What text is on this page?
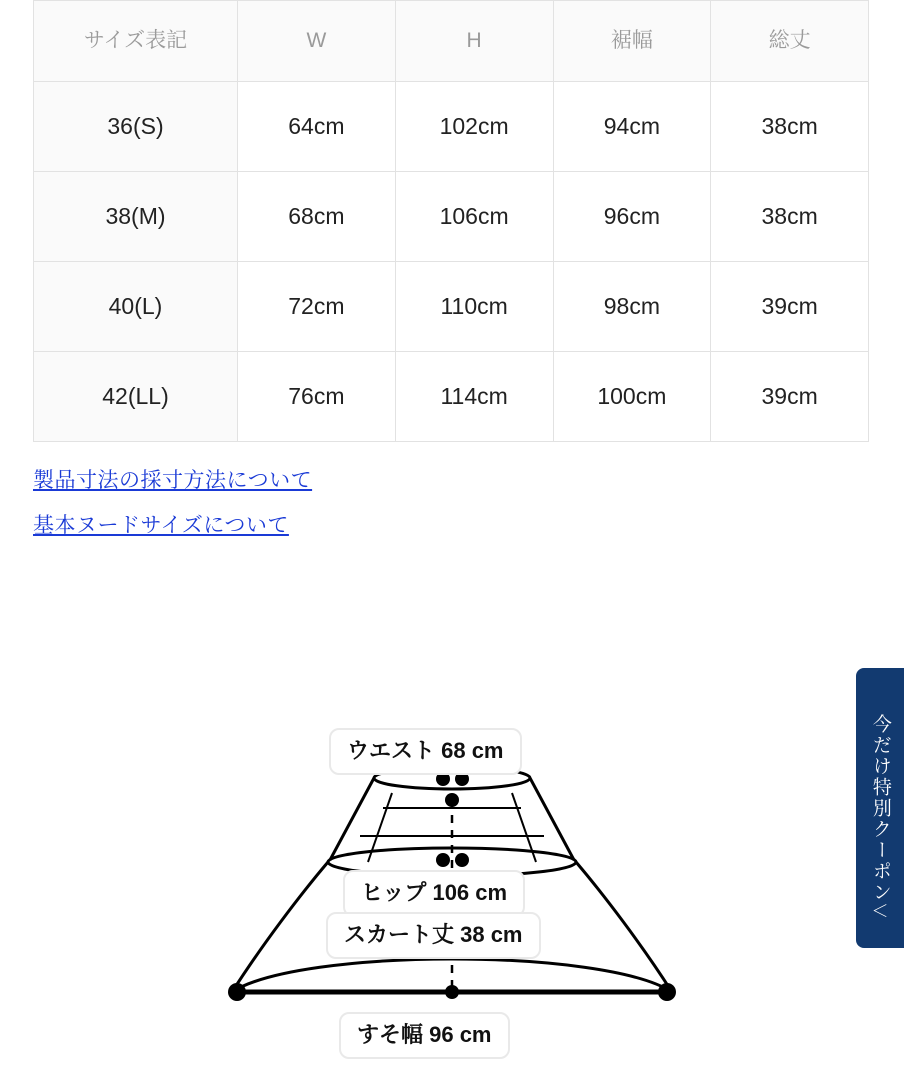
サイズ表記	W	H	裾幅	総丈
36(S)	64cm	102cm	94cm	38cm
38(M)	68cm	106cm	96cm	38cm
40(L)	72cm	110cm	98cm	39cm
42(LL)	76cm	114cm	100cm	39cm
製品寸法の採寸方法について
基本ヌードサイズについて
ウエスト 68 cm
ヒップ 106 cm
スカート丈 38 cm
すそ幅 96 cm
今だけ特別クーポン
＜
